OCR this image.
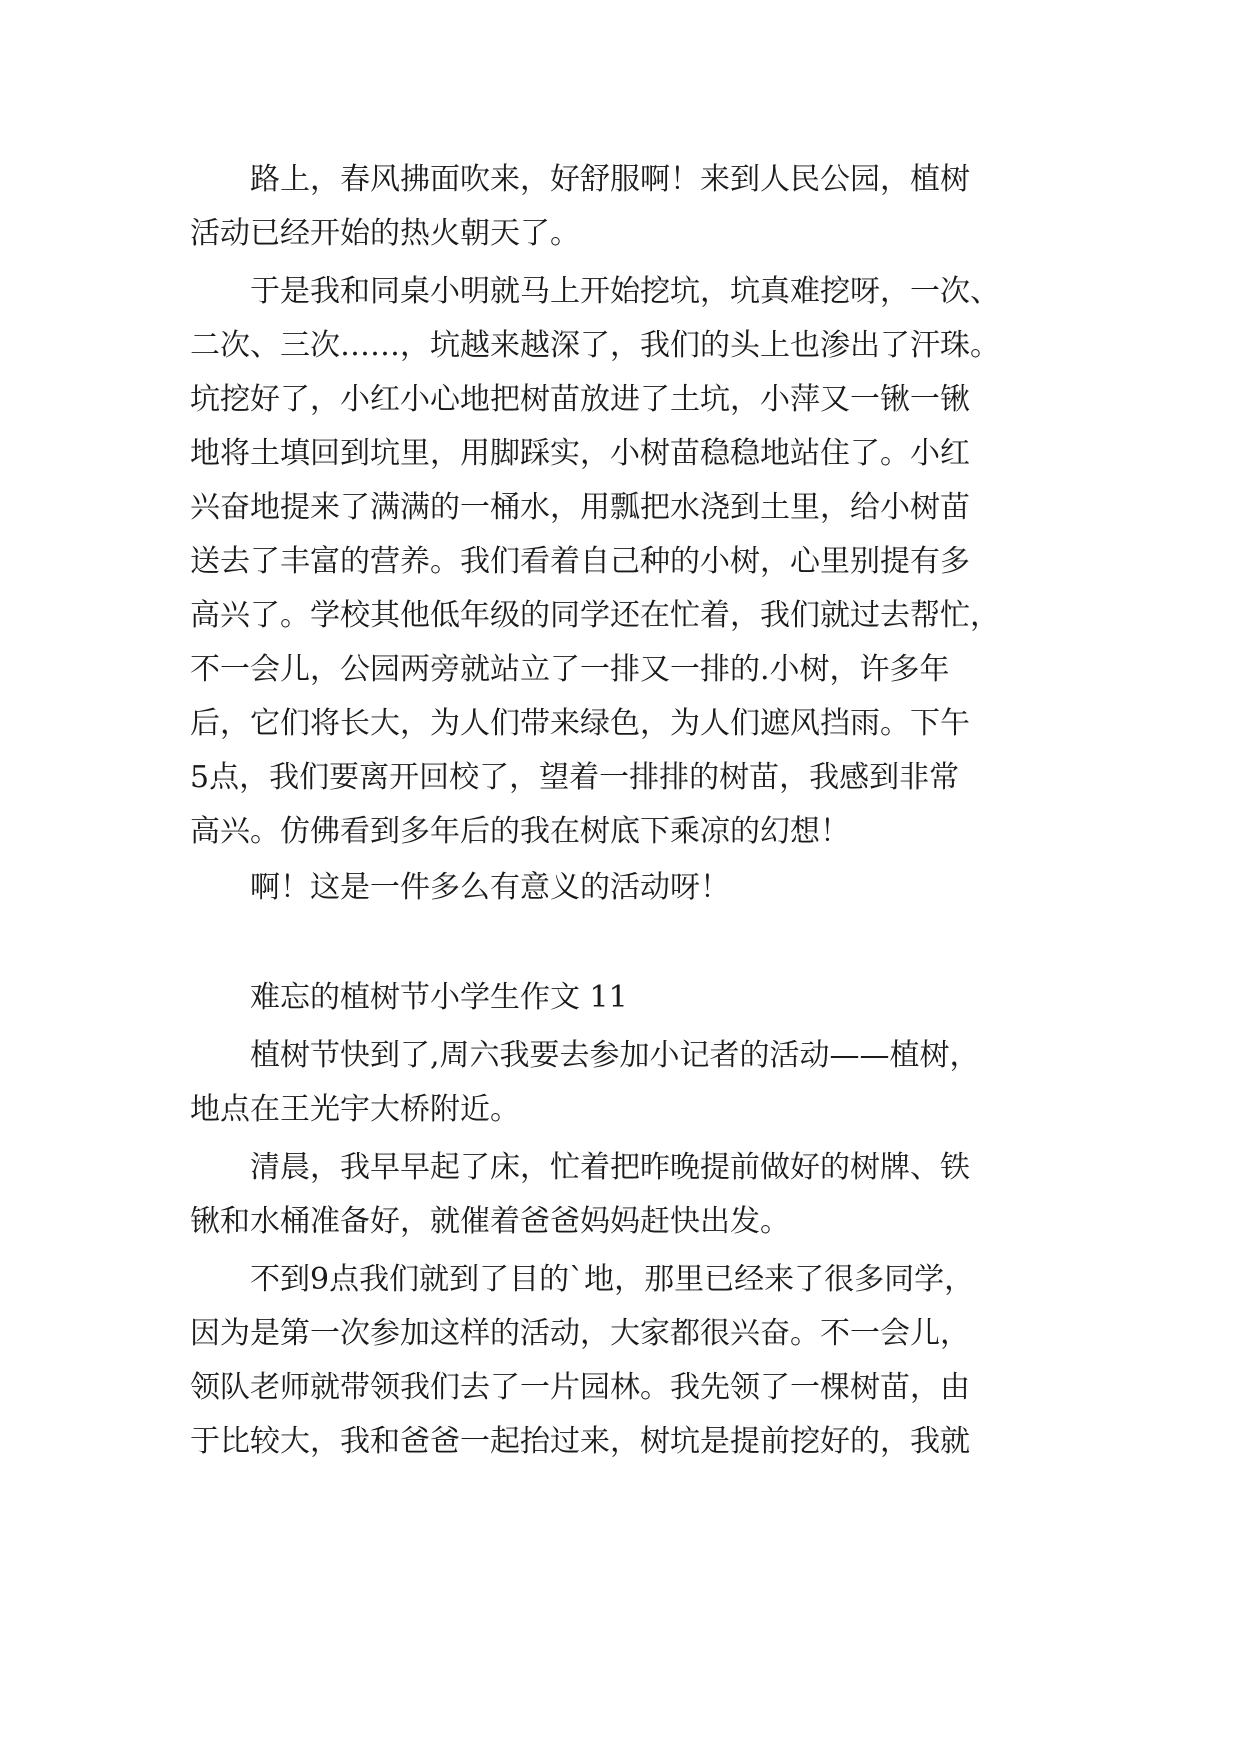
路上，春风拂面吹来，好舒服啊！来到人民公园，植树
活动已经开始的热火朝天了。
于是我和同桌小明就马上开始挖坑，坑真难挖呀，一次、
二次、三次……，坑越来越深了，我们的头上也渗出了汗珠。
坑挖好了，小红小心地把树苗放进了土坑，小萍又一锹一锹
地将土填回到坑里，用脚踩实，小树苗稳稳地站住了。小红
兴奋地提来了满满的一桶水，用瓢把水浇到土里，给小树苗
送去了丰富的营养。我们看着自己种的小树，心里别提有多
高兴了。学校其他低年级的同学还在忙着，我们就过去帮忙，
不一会儿，公园两旁就站立了一排又一排的.小树，许多年
后，它们将长大，为人们带来绿色，为人们遮风挡雨。下午
5点，我们要离开回校了，望着一排排的树苗，我感到非常
高兴。仿佛看到多年后的我在树底下乘凉的幻想！
啊！这是一件多么有意义的活动呀！
难忘的植树节小学生作文 11
植树节快到了,周六我要去参加小记者的活动——植树，
地点在王光宇大桥附近。
清晨，我早早起了床，忙着把昨晚提前做好的树牌、铁
锹和水桶准备好，就催着爸爸妈妈赶快出发。
不到9点我们就到了目的`地，那里已经来了很多同学，
因为是第一次参加这样的活动，大家都很兴奋。不一会儿，
领队老师就带领我们去了一片园林。我先领了一棵树苗，由
于比较大，我和爸爸一起抬过来，树坑是提前挖好的，我就
